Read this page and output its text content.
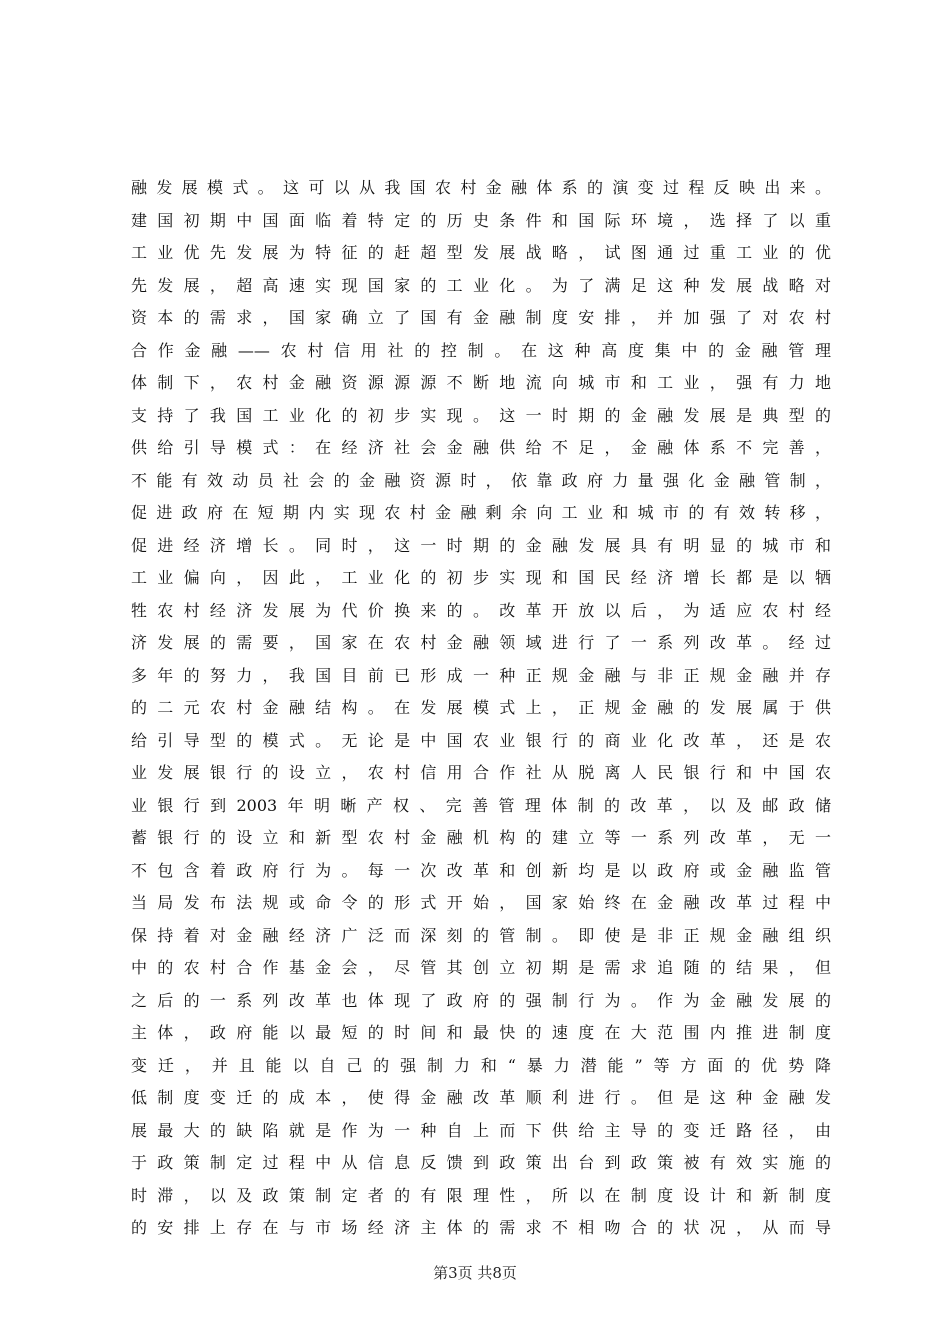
融发展模式。这可以从我国农村金融体系的演变过程反映出来。
建国初期中国面临着特定的历史条件和国际环境，选择了以重
工业优先发展为特征的赶超型发展战略，试图通过重工业的优
先发展，超高速实现国家的工业化。为了满足这种发展战略对
资本的需求，国家确立了国有金融制度安排，并加强了对农村
合作金融——农村信用社的控制。在这种高度集中的金融管理
体制下，农村金融资源源源不断地流向城市和工业，强有力地
支持了我国工业化的初步实现。这一时期的金融发展是典型的
供给引导模式：在经济社会金融供给不足，金融体系不完善，
不能有效动员社会的金融资源时，依靠政府力量强化金融管制，
促进政府在短期内实现农村金融剩余向工业和城市的有效转移，
促进经济增长。同时，这一时期的金融发展具有明显的城市和
工业偏向，因此，工业化的初步实现和国民经济增长都是以牺
牲农村经济发展为代价换来的。改革开放以后，为适应农村经
济发展的需要，国家在农村金融领域进行了一系列改革。经过
多年的努力，我国目前已形成一种正规金融与非正规金融并存
的二元农村金融结构。在发展模式上，正规金融的发展属于供
给引导型的模式。无论是中国农业银行的商业化改革，还是农
业发展银行的设立，农村信用合作社从脱离人民银行和中国农
业银行到2003年明晰产权、完善管理体制的改革，以及邮政储
蓄银行的设立和新型农村金融机构的建立等一系列改革，无一
不包含着政府行为。每一次改革和创新均是以政府或金融监管
当局发布法规或命令的形式开始，国家始终在金融改革过程中
保持着对金融经济广泛而深刻的管制。即使是非正规金融组织
中的农村合作基金会，尽管其创立初期是需求追随的结果，但
之后的一系列改革也体现了政府的强制行为。作为金融发展的
主体，政府能以最短的时间和最快的速度在大范围内推进制度
变迁，并且能以自己的强制力和“暴力潜能”等方面的优势降
低制度变迁的成本，使得金融改革顺利进行。但是这种金融发
展最大的缺陷就是作为一种自上而下供给主导的变迁路径，由
于政策制定过程中从信息反馈到政策出台到政策被有效实施的
时滞，以及政策制定者的有限理性，所以在制度设计和新制度
的安排上存在与市场经济主体的需求不相吻合的状况，从而导
第3页 共8页
